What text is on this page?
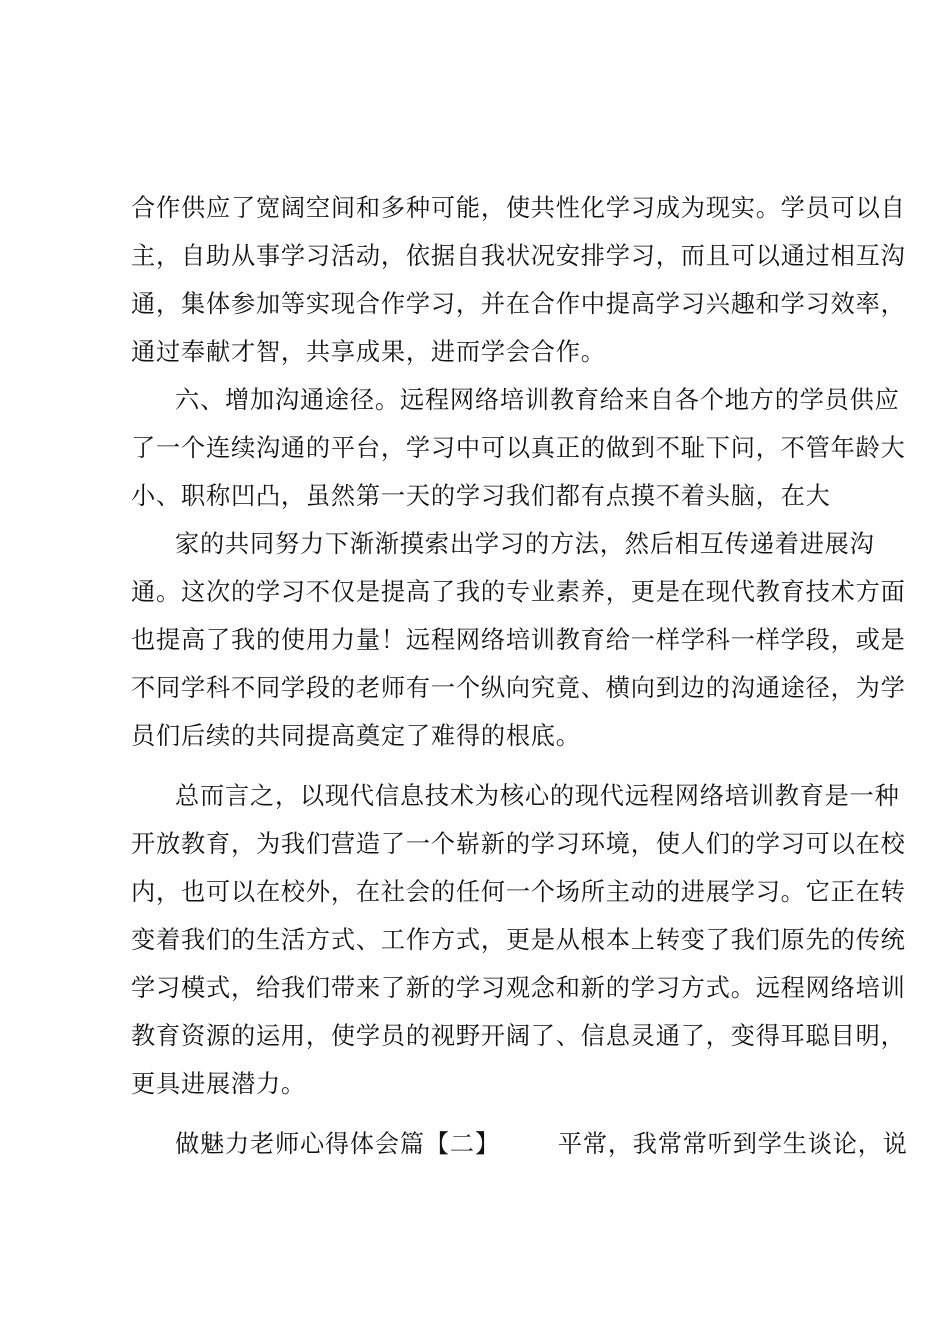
合作供应了宽阔空间和多种可能，使共性化学习成为现实。学员可以自
主，自助从事学习活动，依据自我状况安排学习，而且可以通过相互沟
通，集体参加等实现合作学习，并在合作中提高学习兴趣和学习效率，
通过奉献才智，共享成果，进而学会合作。
六、增加沟通途径。远程网络培训教育给来自各个地方的学员供应
了一个连续沟通的平台，学习中可以真正的做到不耻下问，不管年龄大
小、职称凹凸，虽然第一天的学习我们都有点摸不着头脑，在大
家的共同努力下渐渐摸索出学习的方法，然后相互传递着进展沟
通。这次的学习不仅是提高了我的专业素养，更是在现代教育技术方面
也提高了我的使用力量！远程网络培训教育给一样学科一样学段，或是
不同学科不同学段的老师有一个纵向究竟、横向到边的沟通途径，为学
员们后续的共同提高奠定了难得的根底。
总而言之，以现代信息技术为核心的现代远程网络培训教育是一种
开放教育，为我们营造了一个崭新的学习环境，使人们的学习可以在校
内，也可以在校外，在社会的任何一个场所主动的进展学习。它正在转
变着我们的生活方式、工作方式，更是从根本上转变了我们原先的传统
学习模式，给我们带来了新的学习观念和新的学习方式。远程网络培训
教育资源的运用，使学员的视野开阔了、信息灵通了，变得耳聪目明，
更具进展潜力。
做魅力老师心得体会篇【二】 平常，我常常听到学生谈论，说
